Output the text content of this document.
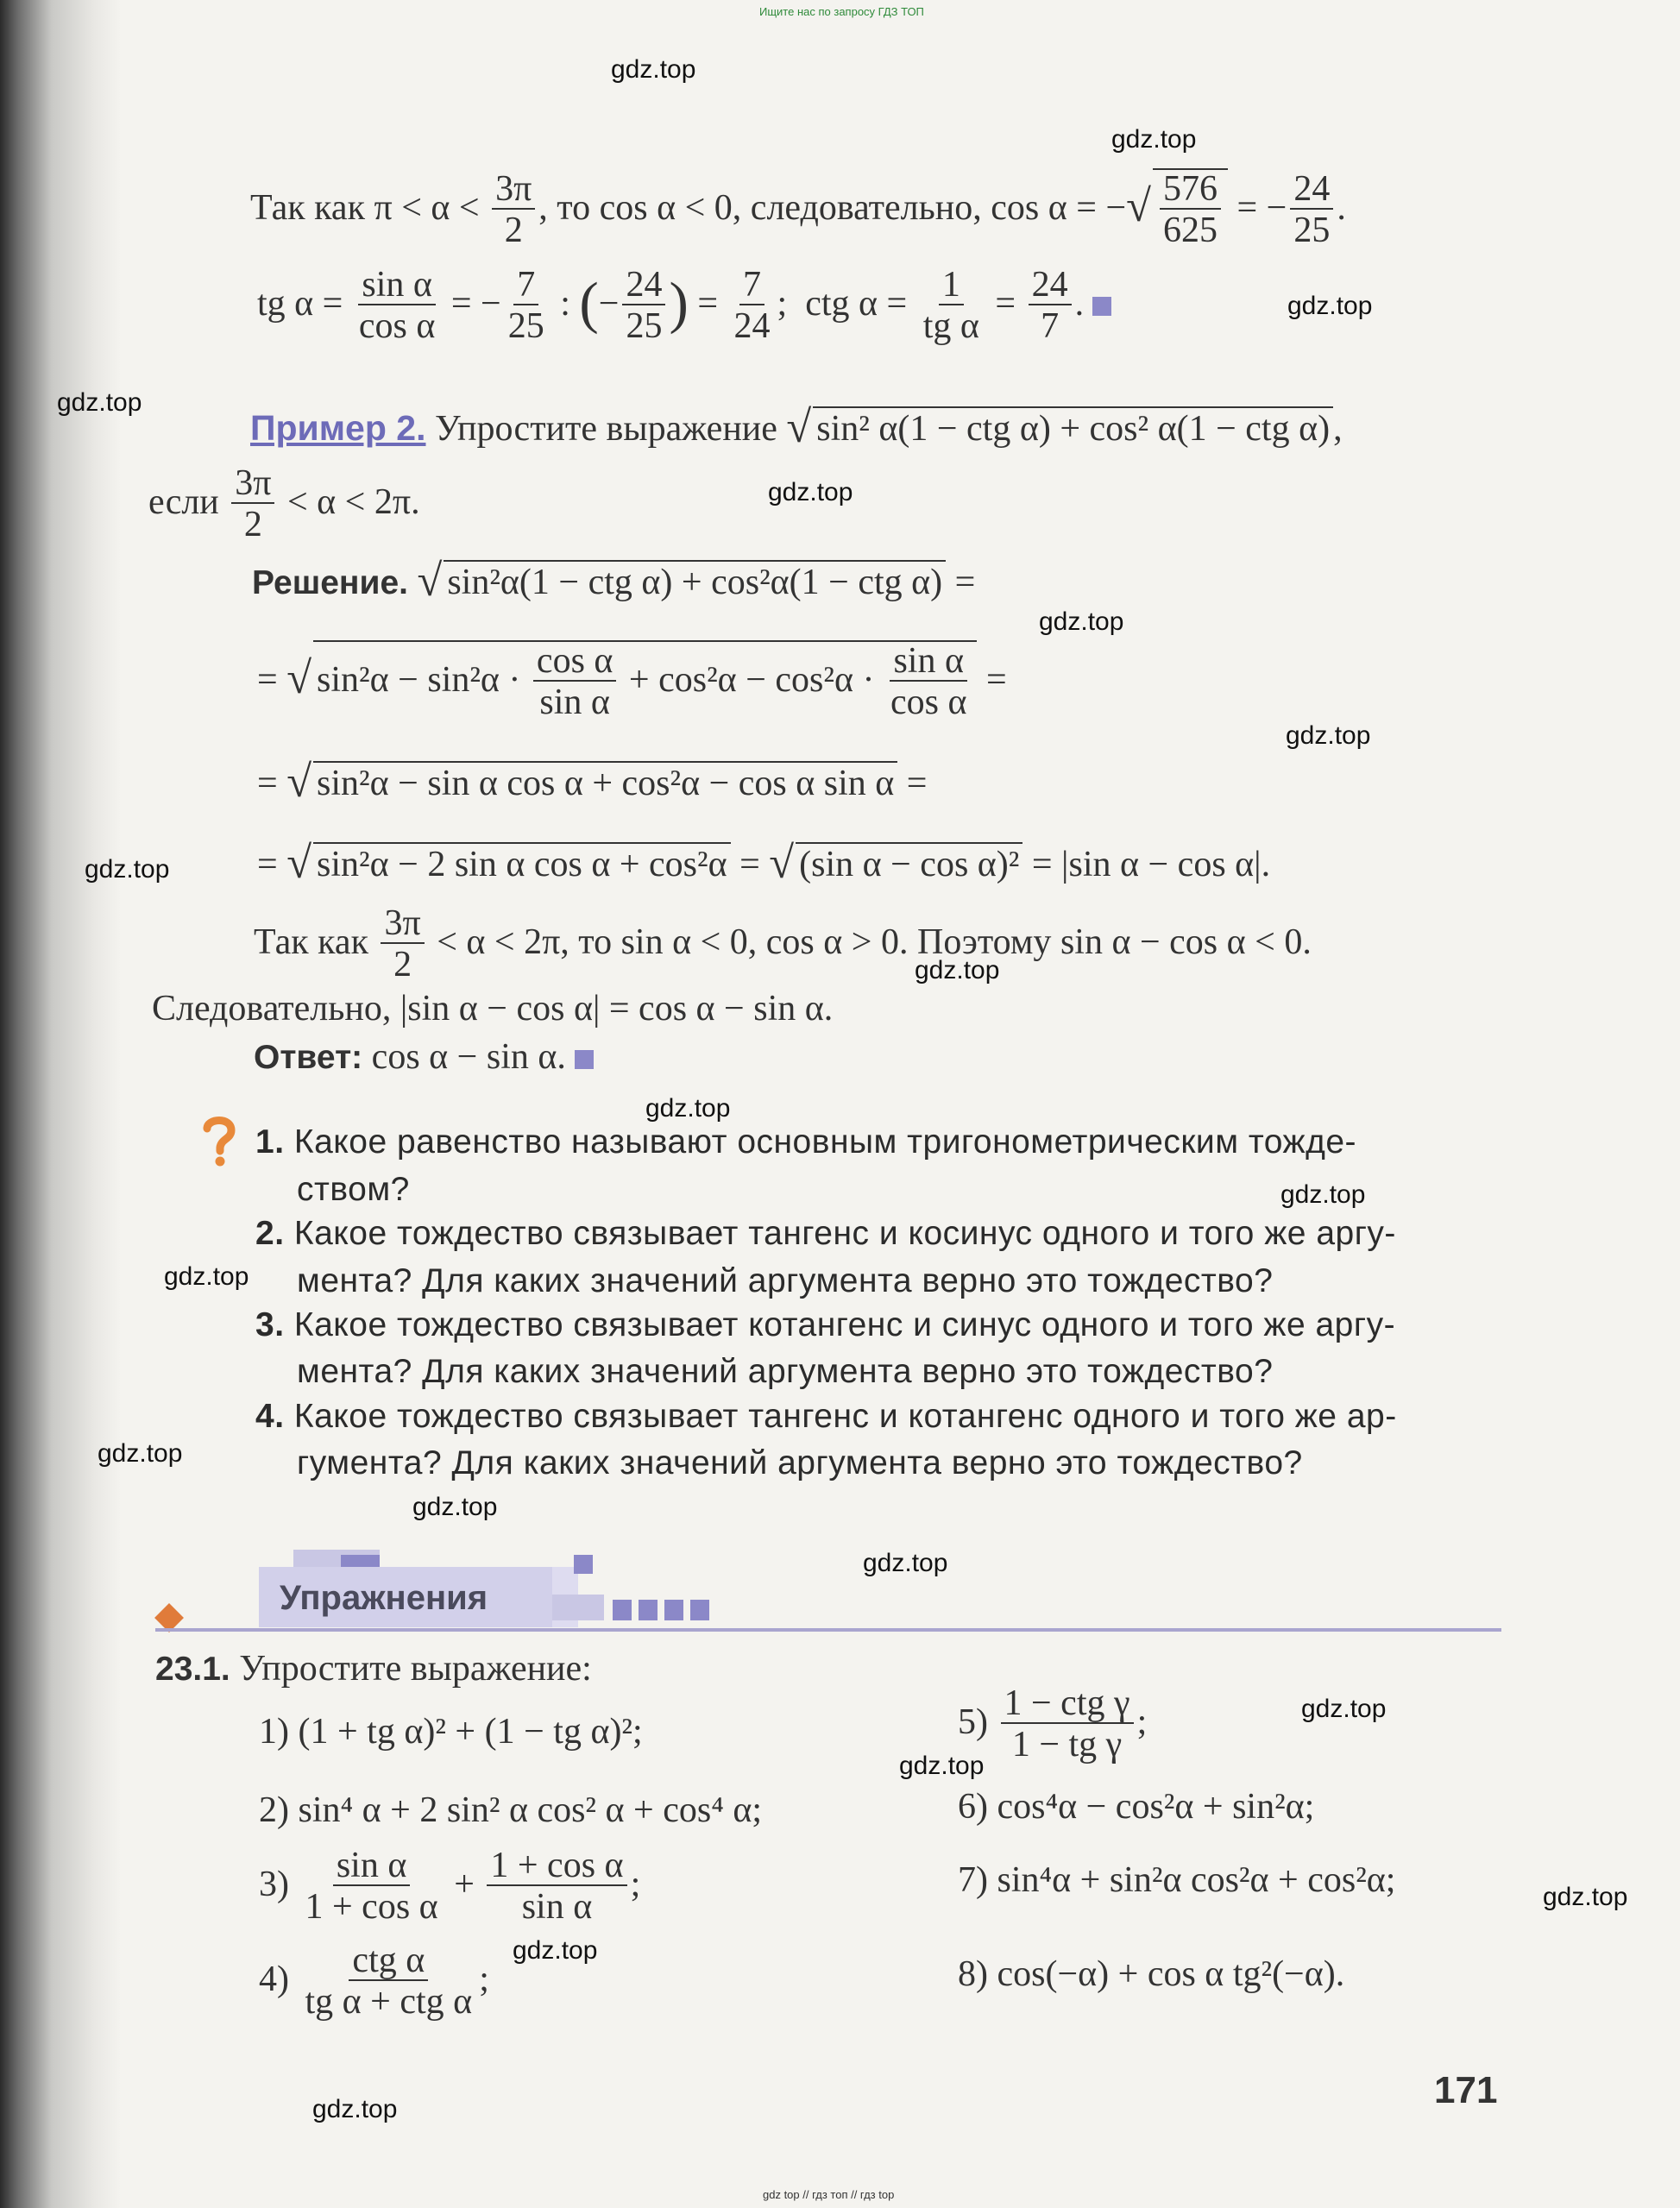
Ищите нас по запросу ГДЗ ТОП
gdz.top
gdz.top
gdz.top
gdz.top
gdz.top
gdz.top
gdz.top
gdz.top
gdz.top
gdz.top
gdz.top
gdz.top
gdz.top
gdz.top
gdz.top
gdz.top
gdz.top
gdz.top
gdz.top
gdz.top
Так как $\pi < \alpha < \frac{3\pi}{2}$ , то cos α < 0, следовательно, cos α = −√ $\frac{576}{625}$ = − $\frac{24}{25}$ .
tg $\alpha = \frac{\text{sin α}}{\text{cos α}}$ = − $\frac{7}{25}$ : (− $\frac{24}{25}$ ) = $\frac{7}{24}$ ;  ctg $\alpha = \frac{1}{\text{tg α}} = \frac{24}{7}$ .
Пример 2. Упростите выражение √ sin² α(1 − ctg α) + cos² α(1 − ctg α),
если $\frac{3\pi}{2} < \alpha < 2\pi$.
Решение. √ sin²α(1 − ctg α) + cos²α(1 − ctg α) =
= √ $\sin^2\alpha - \sin^2\alpha \cdot \frac{\text{cos α}}{\text{sin α}} + \cos^2\alpha - \cos^2\alpha \cdot \frac{\text{sin α}}{\text{cos α}}$ =
= √ sin²α − sin α cos α + cos²α − cos α sin α =
= √ sin²α − 2 sin α cos α + cos²α = √ (sin α − cos α)² = |sin α − cos α|.
Так как $\frac{3\pi}{2} < \alpha < 2\pi$, то sin α < 0, cos α > 0. Поэтому sin α − cos α < 0.
Следовательно, |sin α − cos α| = cos α − sin α.
Ответ: cos α − sin α.
1. Какое равенство называют основным тригонометрическим тожде-
ством?
2. Какое тождество связывает тангенс и косинус одного и того же аргу-
мента? Для каких значений аргумента верно это тождество?
3. Какое тождество связывает котангенс и синус одного и того же аргу-
мента? Для каких значений аргумента верно это тождество?
4. Какое тождество связывает тангенс и котангенс одного и того же ар-
гумента? Для каких значений аргумента верно это тождество?
Упражнения
23.1. Упростите выражение:
1) (1 + tg α)² + (1 − tg α)²;
2) sin⁴ α + 2 sin² α cos² α + cos⁴ α;
$3) \frac{\text{sin α}}{\text{1 + cos α}} + \frac{\text{1 + cos α}}{\text{sin α}}$ ;
$4) \frac{\text{ctg α}}{\text{tg α + ctg α}}$ ;
$5) \frac{\text{1 − ctg γ}}{\text{1 − tg γ}}$ ;
6) cos⁴α − cos²α + sin²α;
7) sin⁴α + sin²α cos²α + cos²α;
8) cos(−α) + cos α tg²(−α).
171
gdz top // гдз топ // гдз top
